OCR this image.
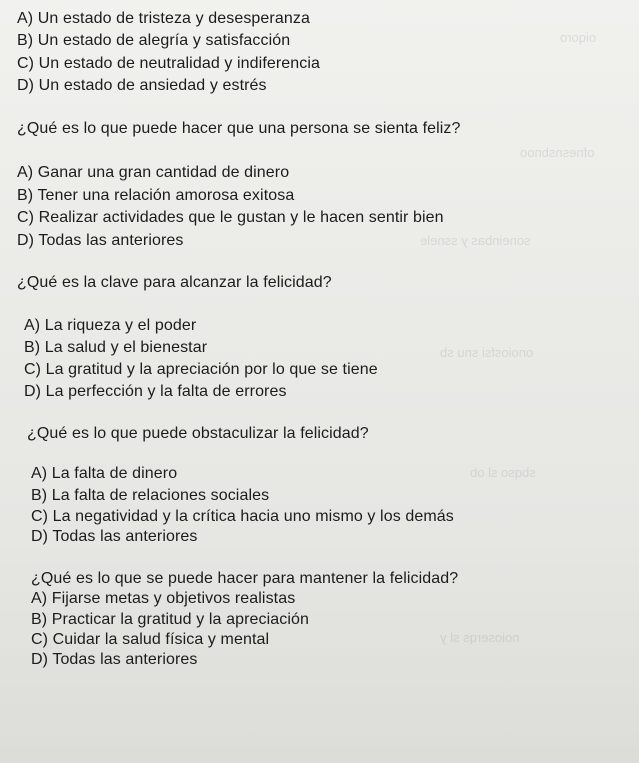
oiqoro
ofnesnsbnoo
soneinbas y ssnele
onoiosfsi snu sb
sbqso sl ob
noioserqs sl y
A) Un estado de tristeza y desesperanza
B) Un estado de alegría y satisfacción
C) Un estado de neutralidad y indiferencia
D) Un estado de ansiedad y estrés
¿Qué es lo que puede hacer que una persona se sienta feliz?
A) Ganar una gran cantidad de dinero
B) Tener una relación amorosa exitosa
C) Realizar actividades que le gustan y le hacen sentir bien
D) Todas las anteriores
¿Qué es la clave para alcanzar la felicidad?
A) La riqueza y el poder
B) La salud y el bienestar
C) La gratitud y la apreciación por lo que se tiene
D) La perfección y la falta de errores
¿Qué es lo que puede obstaculizar la felicidad?
A) La falta de dinero
B) La falta de relaciones sociales
C) La negatividad y la crítica hacia uno mismo y los demás
D) Todas las anteriores
¿Qué es lo que se puede hacer para mantener la felicidad?
A) Fijarse metas y objetivos realistas
B) Practicar la gratitud y la apreciación
C) Cuidar la salud física y mental
D) Todas las anteriores
